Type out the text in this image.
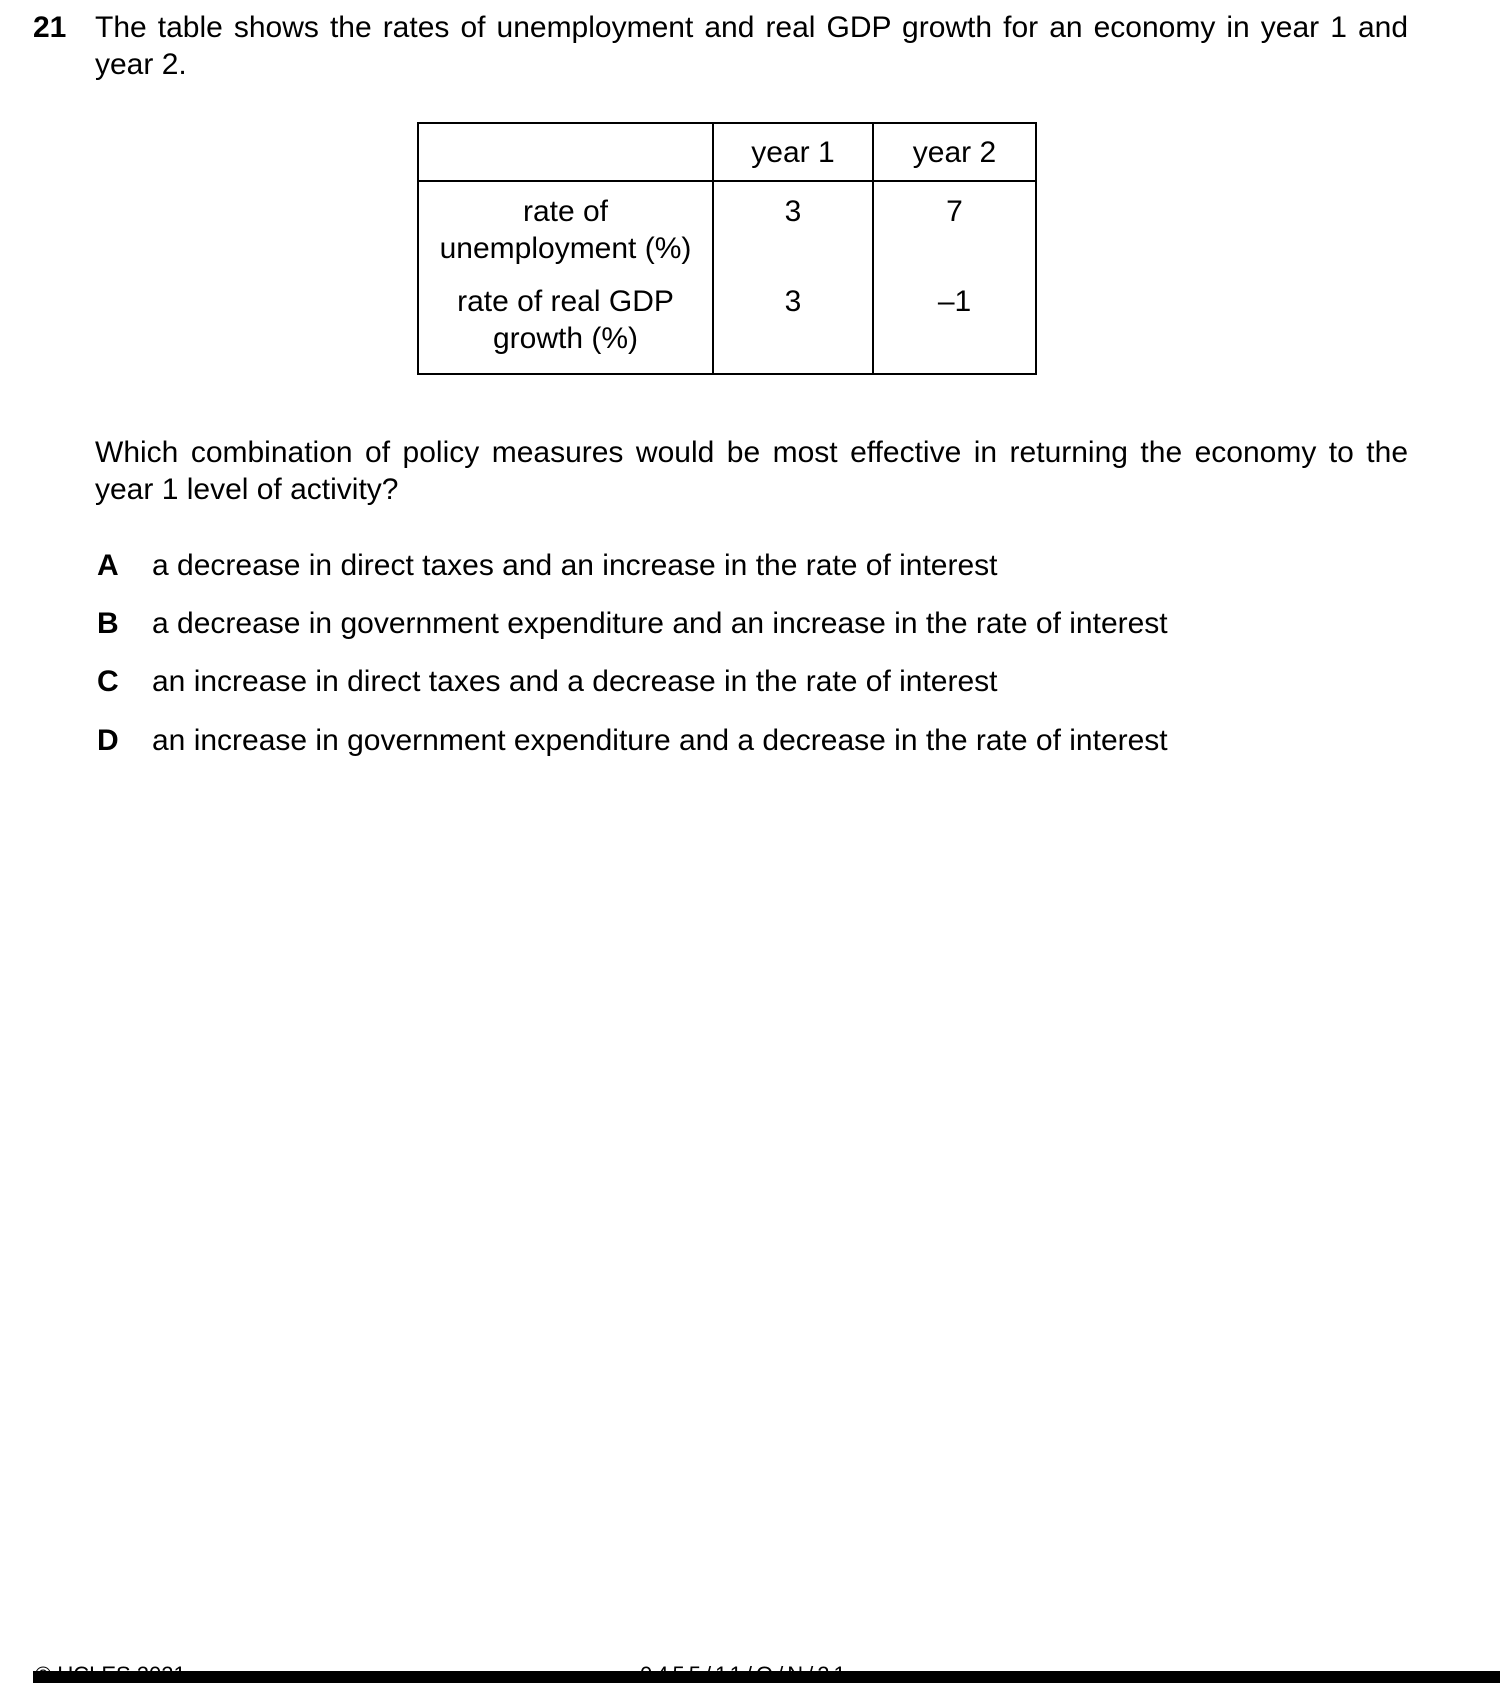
21 The table shows the rates of unemployment and real GDP growth for an economy in year 1 and
year 2.
	year 1	year 2

rate of
unemployment (%)	3	7

rate of real GDP
growth (%)	3	–1
Which combination of policy measures would be most effective in returning the economy to the
year 1 level of activity?
A	a decrease in direct taxes and an increase in the rate of interest
B	a decrease in government expenditure and an increase in the rate of interest
C	an increase in direct taxes and a decrease in the rate of interest
D	an increase in government expenditure and a decrease in the rate of interest
